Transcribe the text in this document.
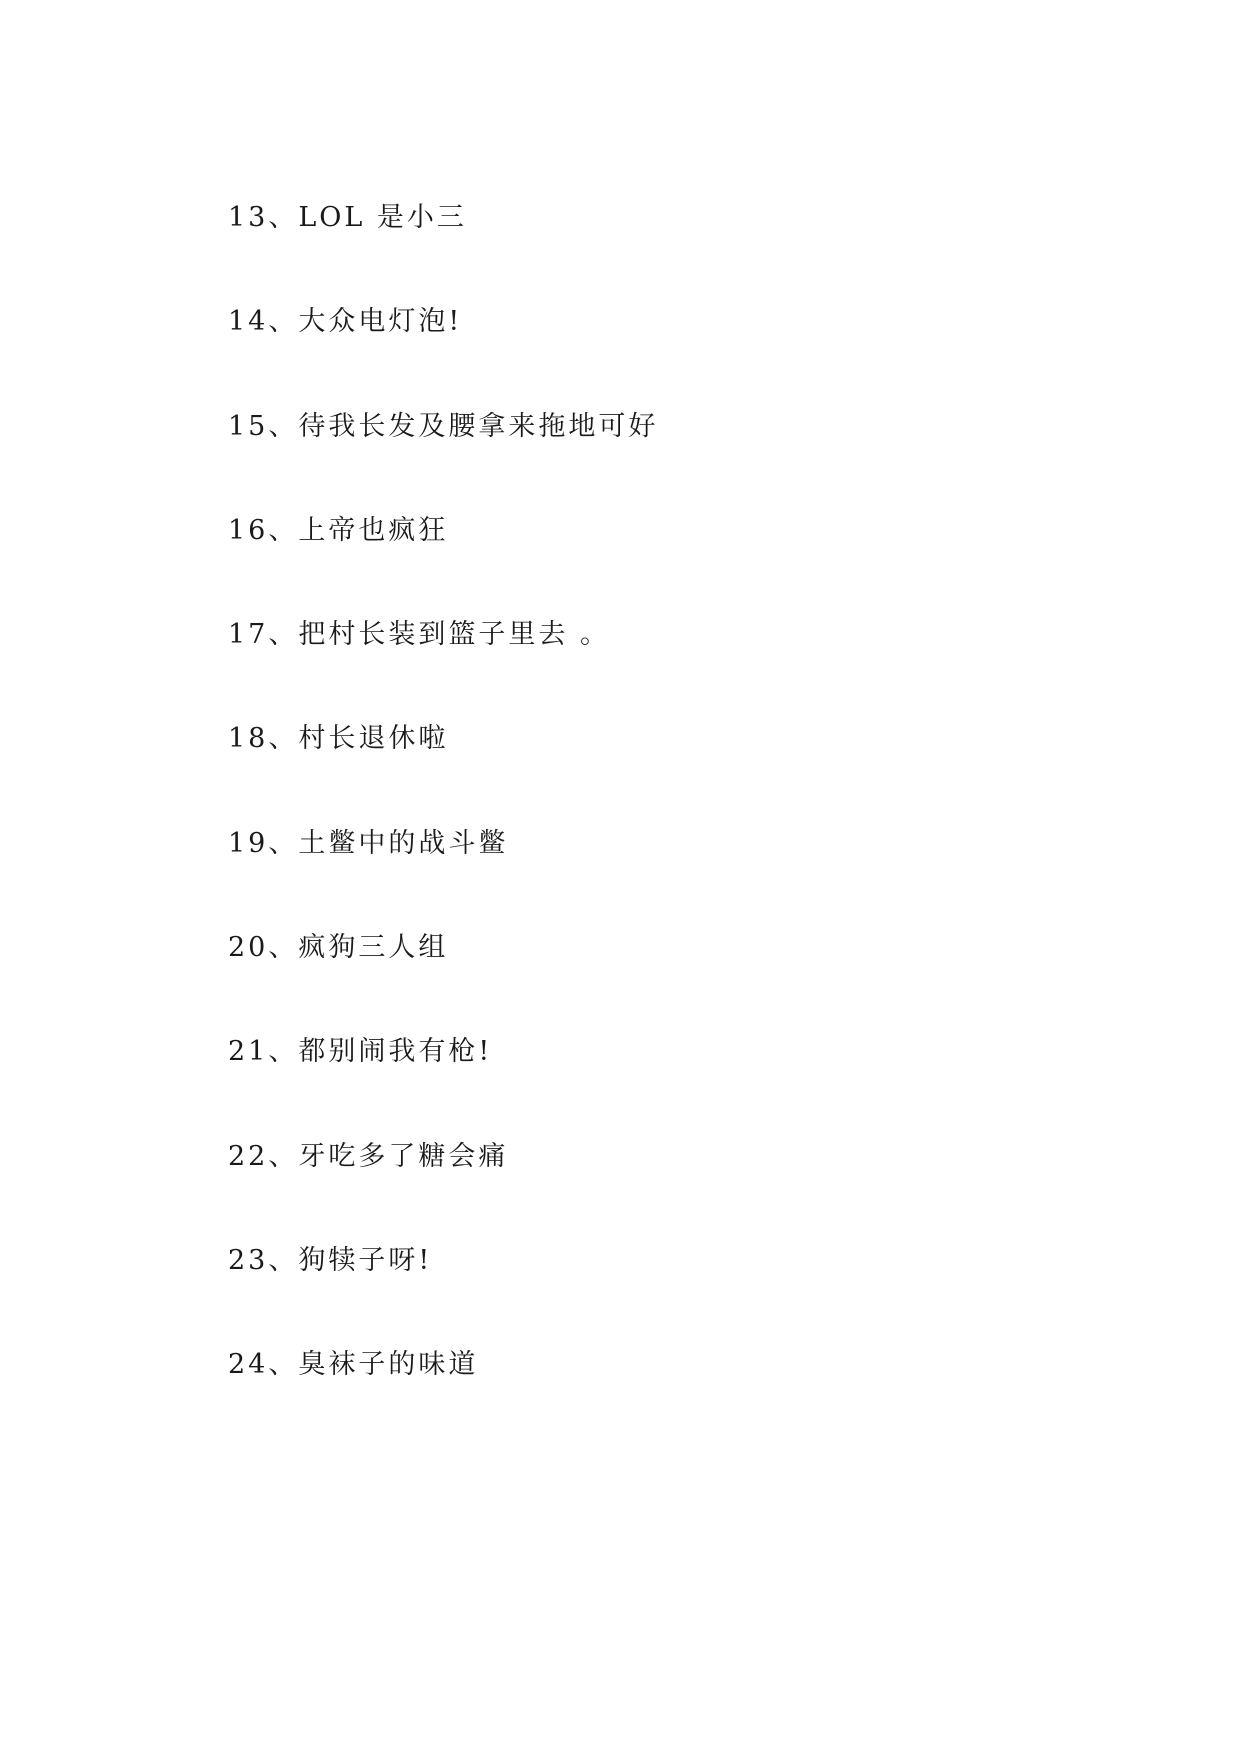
13、LOL 是小三
14、大众电灯泡!
15、待我长发及腰拿来拖地可好
16、上帝也疯狂
17、把村长装到篮子里去 。
18、村长退休啦
19、土鳖中的战斗鳖
20、疯狗三人组
21、都别闹我有枪!
22、牙吃多了糖会痛
23、狗犊子呀!
24、臭袜子的味道
